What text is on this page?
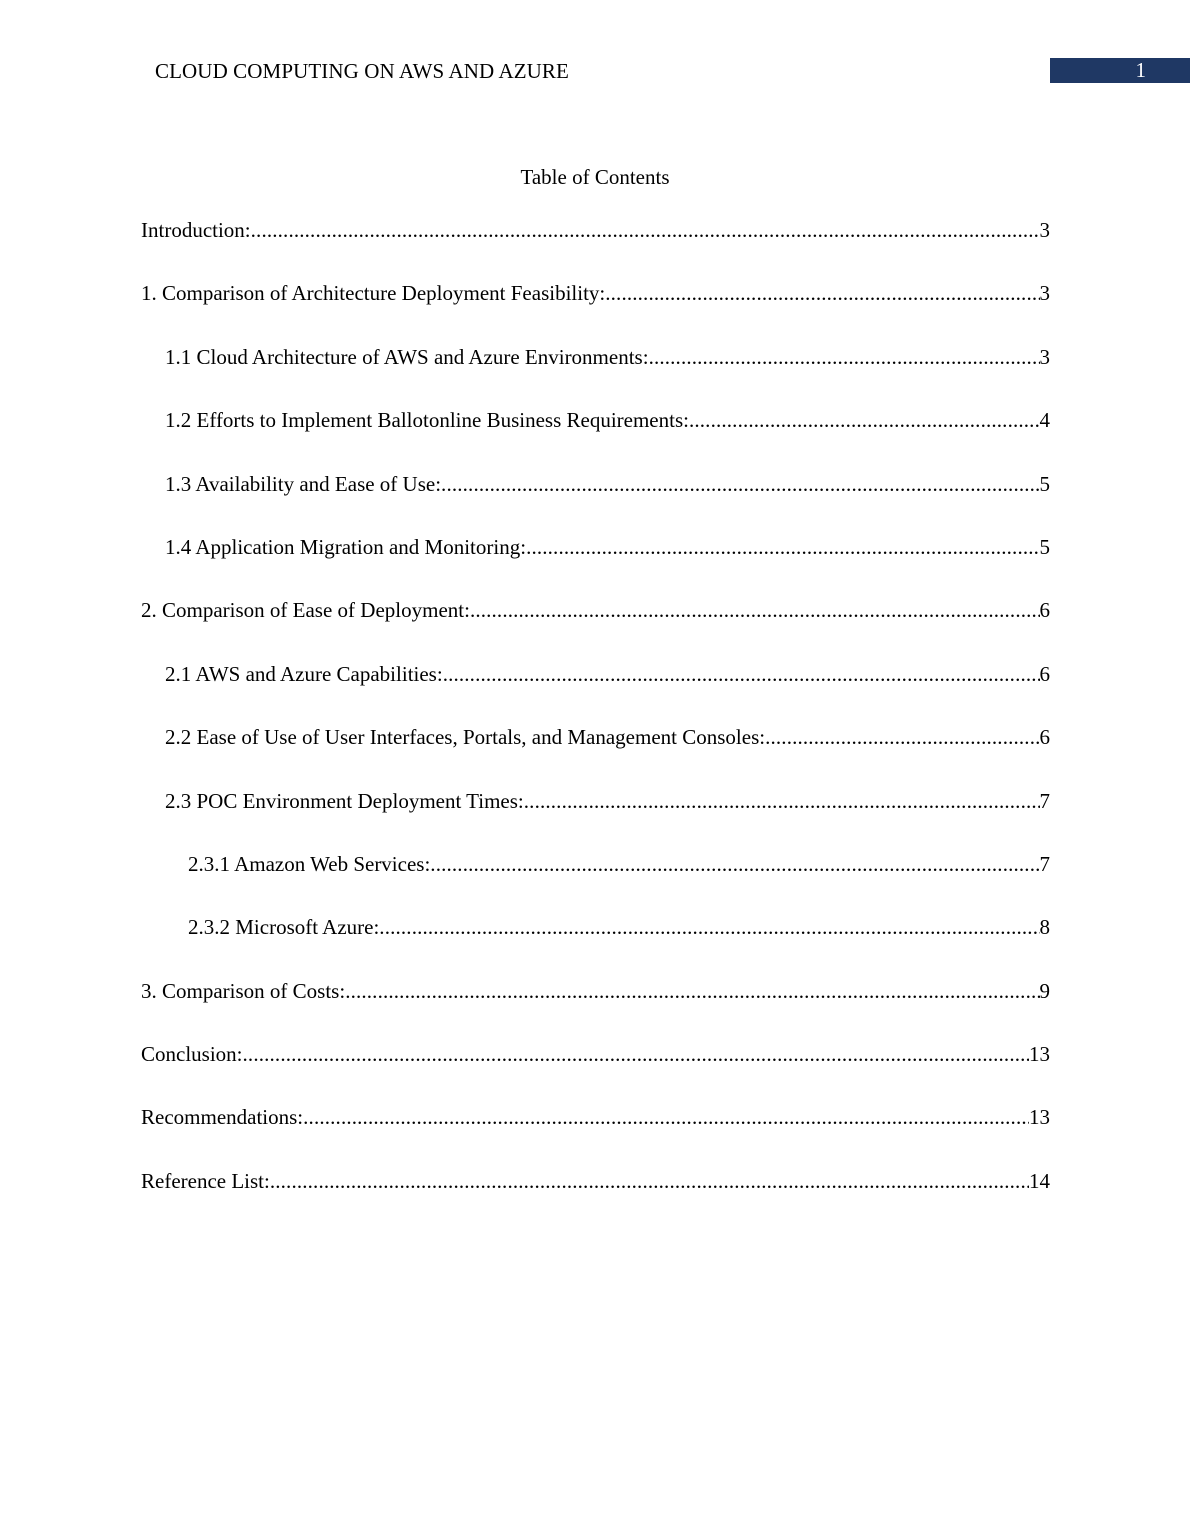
CLOUD COMPUTING ON AWS AND AZURE	1
Table of Contents
Introduction: .....	3
1. Comparison of Architecture Deployment Feasibility: .....	3
1.1 Cloud Architecture of AWS and Azure Environments: .....	3
1.2 Efforts to Implement Ballotonline Business Requirements: .....	4
1.3 Availability and Ease of Use: .....	5
1.4 Application Migration and Monitoring: .....	5
2. Comparison of Ease of Deployment: .....	6
2.1 AWS and Azure Capabilities: .....	6
2.2 Ease of Use of User Interfaces, Portals, and Management Consoles: .....	6
2.3 POC Environment Deployment Times: .....	7
2.3.1 Amazon Web Services: .....	7
2.3.2 Microsoft Azure: .....	8
3. Comparison of Costs: .....	9
Conclusion: .....	13
Recommendations: .....	13
Reference List: .....	14
